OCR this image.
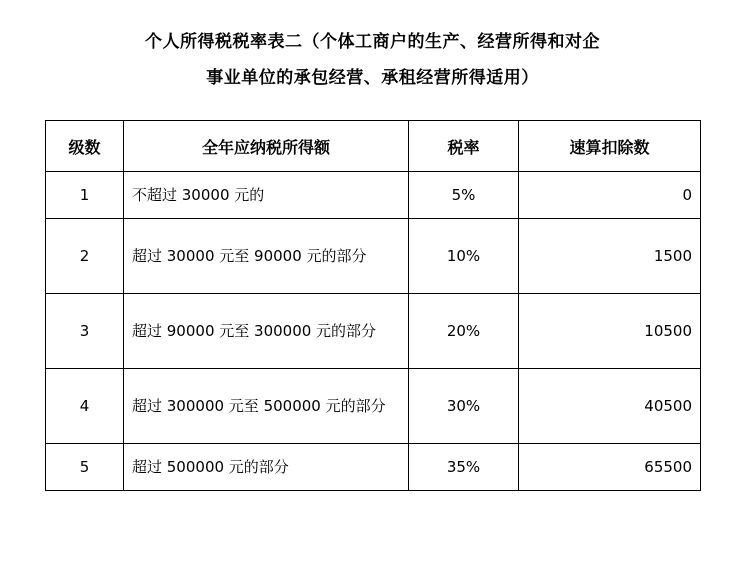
个人所得税税率表二（个体工商户的生产、经营所得和对企
事业单位的承包经营、承租经营所得适用）
级数	全年应纳税所得额	税率	速算扣除数
1	不超过 30000 元的	5%	0
2	超过 30000 元至 90000 元的部分	10%	1500
3	超过 90000 元至 300000 元的部分	20%	10500
4	超过 300000 元至 500000 元的部分	30%	40500
5	超过 500000 元的部分	35%	65500
